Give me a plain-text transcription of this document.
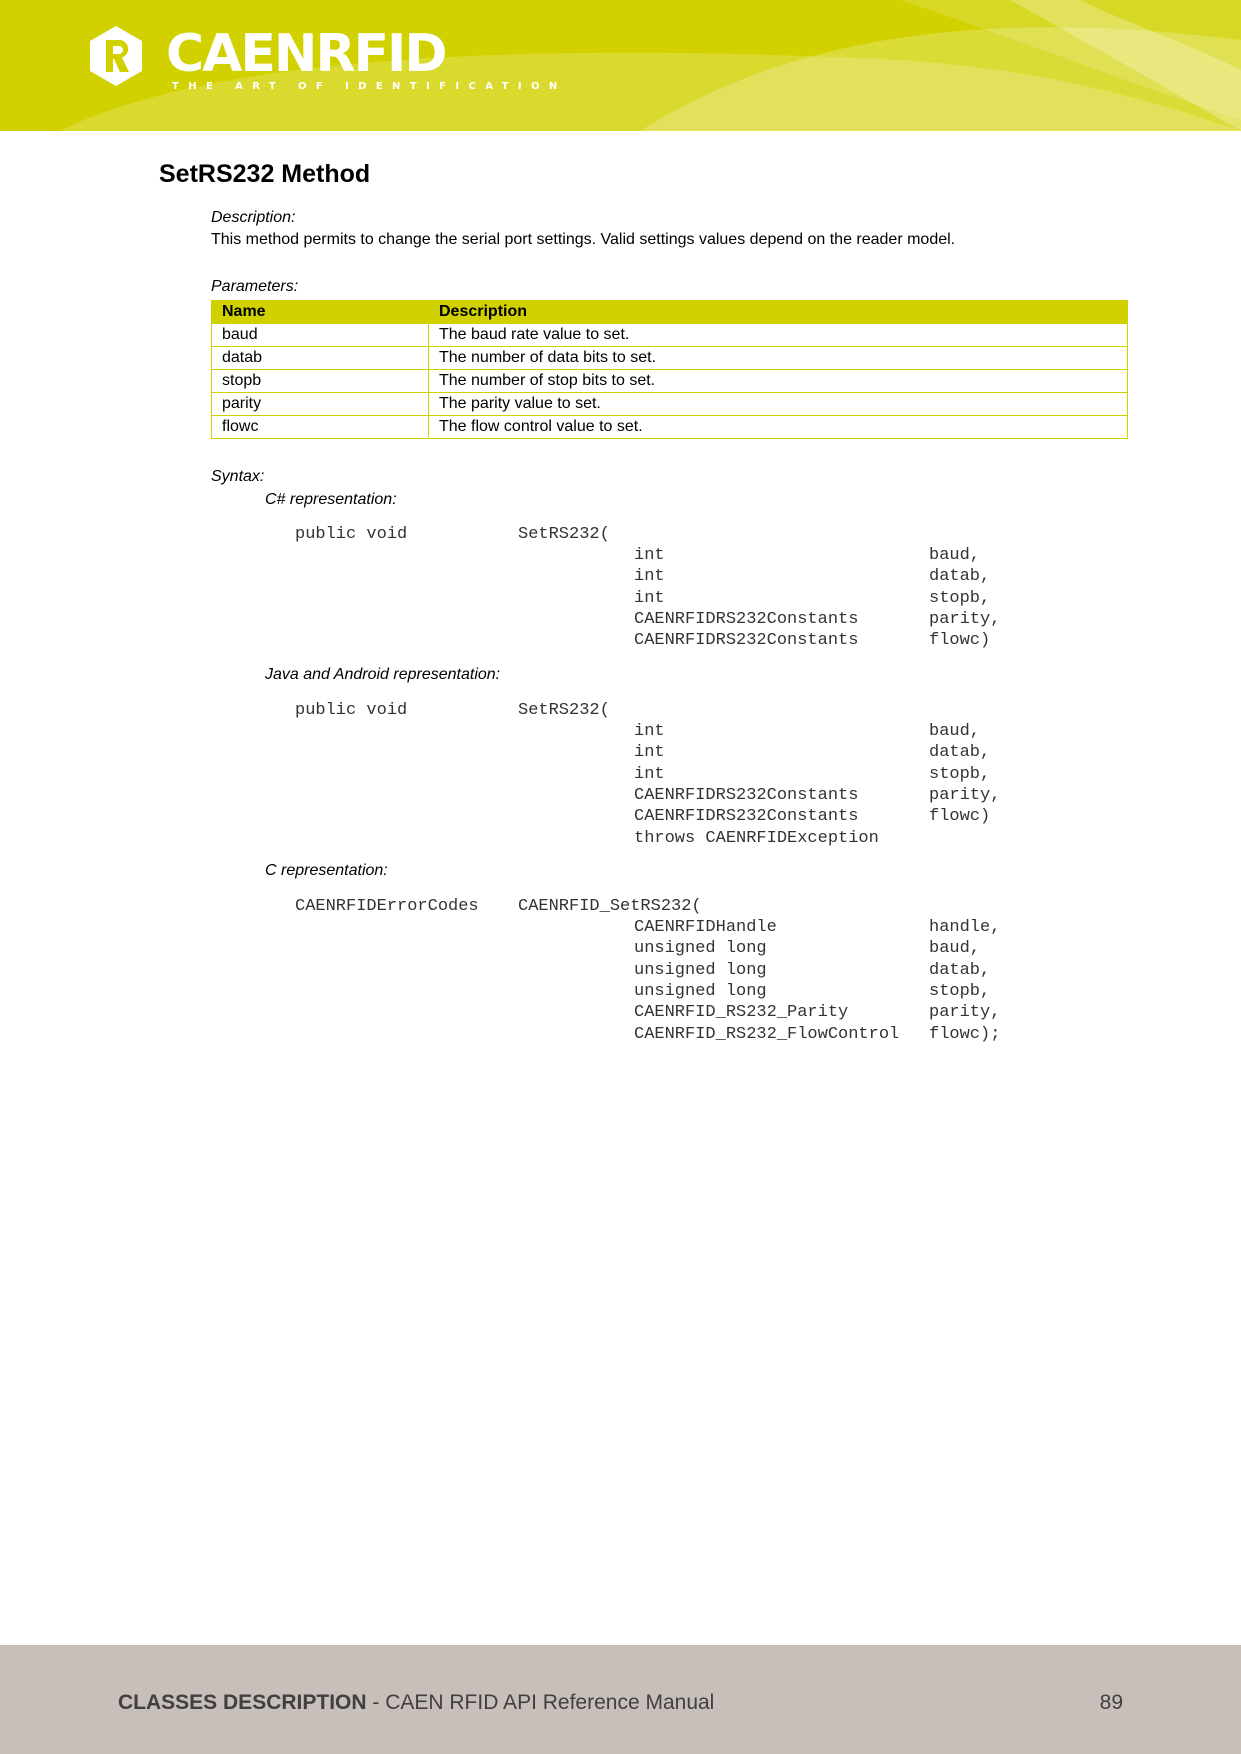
CAENRFID
THE ART OF IDENTIFICATION
SetRS232 Method
Description:
This method permits to change the serial port settings. Valid settings values depend on the reader model.
Parameters:
Name	Description
baud	The baud rate value to set.
datab	The number of data bits to set.
stopb	The number of stop bits to set.
parity	The parity value to set.
flowc	The flow control value to set.
Syntax:
C# representation:
public void	SetRS232(
int	baud,
int	datab,
int	stopb,
CAENRFIDRS232Constants	parity,
CAENRFIDRS232Constants	flowc)
Java and Android representation:
public void	SetRS232(
int	baud,
int	datab,
int	stopb,
CAENRFIDRS232Constants	parity,
CAENRFIDRS232Constants	flowc)
throws CAENRFIDException
C representation:
CAENRFIDErrorCodes CAENRFID_SetRS232(
CAENRFIDHandle	handle,
unsigned long	baud,
unsigned long	datab,
unsigned long	stopb,
CAENRFID_RS232_Parity	parity,
CAENRFID_RS232_FlowControl flowc);
CLASSES DESCRIPTION - CAEN RFID API Reference Manual	89
